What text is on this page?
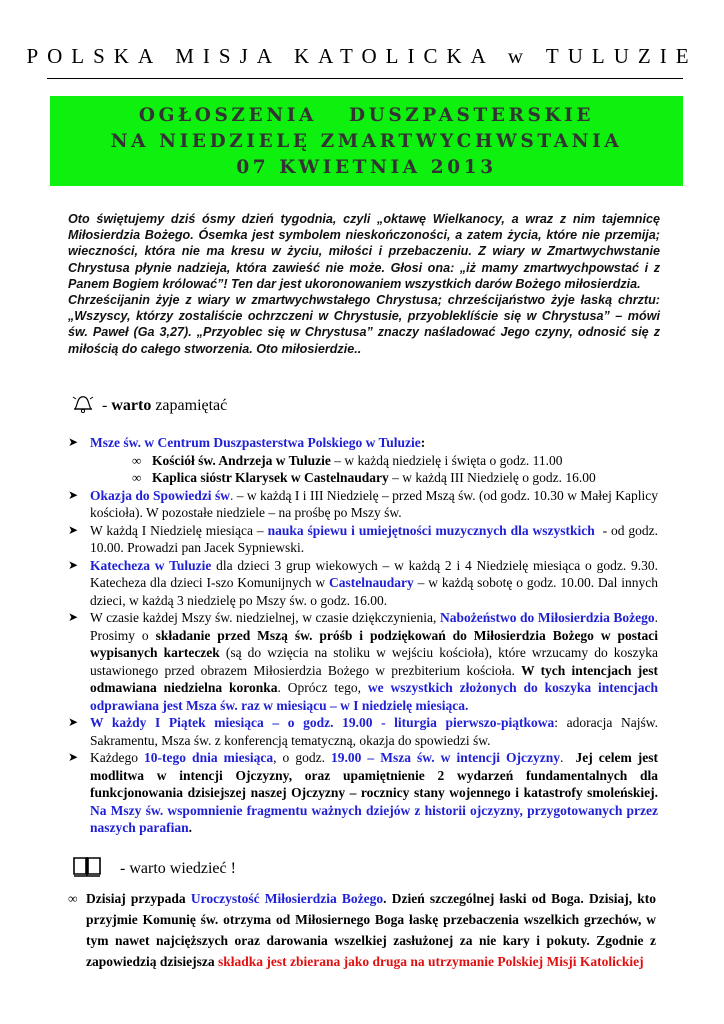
POLSKA MISJA KATOLICKA w TULUZIE
OGŁOSZENIA DUSZPASTERSKIE
NA NIEDZIELĘ ZMARTWYCHWSTANIA
07 KWIETNIA 2013

Oto świętujemy dziś ósmy dzień tygodnia, czyli „oktawę Wielkanocy, a wraz z nim tajemnicę Miłosierdzia Bożego. Ósemka jest symbolem nieskończoności, a zatem życia, które nie przemija; wieczności, która nie ma kresu w życiu, miłości i przebaczeniu. Z wiary w Zmartwychwstanie Chrystusa płynie nadzieja, która zawieść nie może. Głosi ona: „iż mamy zmartwychpowstać i z Panem Bogiem królować”! Ten dar jest ukoronowaniem wszystkich darów Bożego miłosierdzia.

Chrześcijanin żyje z wiary w zmartwychwstałego Chrystusa; chrześcijaństwo żyje łaską chrztu: „Wszyscy, którzy zostaliście ochrzczeni w Chrystusie, przyobleklíście się w Chrystusa” – mówi św. Paweł (Ga 3,27). „Przyoblec się w Chrystusa” znaczy naśladować Jego czyny, odnosić się z miłością do całego stworzenia. Oto miłosierdzie..

- warto zapamiętać
➤ Msze św. w Centrum Duszpasterstwa Polskiego w Tuluzie:
∞ Kościół św. Andrzeja w Tuluzie – w każdą niedzielę i święta o godz. 11.00
∞ Kaplica sióstr Klarysek w Castelnaudary – w każdą III Niedzielę o godz. 16.00
➤ Okazja do Spowiedzi św. – w każdą I i III Niedzielę – przed Mszą św. (od godz. 10.30 w Małej Kaplicy kościoła). W pozostałe niedziele – na prośbę po Mszy św.
➤ W każdą I Niedzielę miesiąca – nauka śpiewu i umiejętności muzycznych dla wszystkich  - od godz. 10.00. Prowadzi pan Jacek Sypniewski.
➤ Katecheza w Tuluzie dla dzieci 3 grup wiekowych – w każdą 2 i 4 Niedzielę miesiąca o godz. 9.30. Katecheza dla dzieci I-szo Komunijnych w Castelnaudary – w każdą sobotę o godz. 10.00. Dal innych dzieci, w każdą 3 niedzielę po Mszy św. o godz. 16.00.
➤ W czasie każdej Mszy św. niedzielnej, w czasie dziękczynienia, Nabożeństwo do Miłosierdzia Bożego. Prosimy o składanie przed Mszą św. próśb i podziękowań do Miłosierdzia Bożego w postaci wypisanych karteczek (są do wzięcia na stoliku w wejściu kościoła), które wrzucamy do koszyka ustawionego przed obrazem Miłosierdzia Bożego w prezbiterium kościoła. W tych intencjach jest odmawiana niedzielna koronka. Oprócz tego, we wszystkich złożonych do koszyka intencjach odprawiana jest Msza św. raz w miesiącu – w I niedzielę miesiąca.
➤ W każdy I Piątek miesiąca – o godz. 19.00 - liturgia pierwszo-piątkowa: adoracja Najśw. Sakramentu, Msza św. z konferencją tematyczną, okazja do spowiedzi św.
➤ Każdego 10-tego dnia miesiąca, o godz. 19.00 – Msza św. w intencji Ojczyzny.  Jej celem jest modlitwa w intencji Ojczyzny, oraz upamiętnienie 2 wydarzeń fundamentalnych dla funkcjonowania dzisiejszej naszej Ojczyzny – rocznicy stany wojennego i katastrofy smoleńskiej. Na Mszy św. wspomnienie fragmentu ważnych dziejów z historii ojczyzny, przygotowanych przez naszych parafian.
- warto wiedzieć !
∞ Dzisiaj przypada Uroczystość Miłosierdzia Bożego. Dzień szczególnej łaski od Boga. Dzisiaj, kto przyjmie Komunię św. otrzyma od Miłosiernego Boga łaskę przebaczenia wszelkich grzechów, w tym nawet najcięższych oraz darowania wszelkiej zasłużonej za nie kary i pokuty. Zgodnie z zapowiedzią dzisiejsza składka jest zbierana jako druga na utrzymanie Polskiej Misji Katolickiej
